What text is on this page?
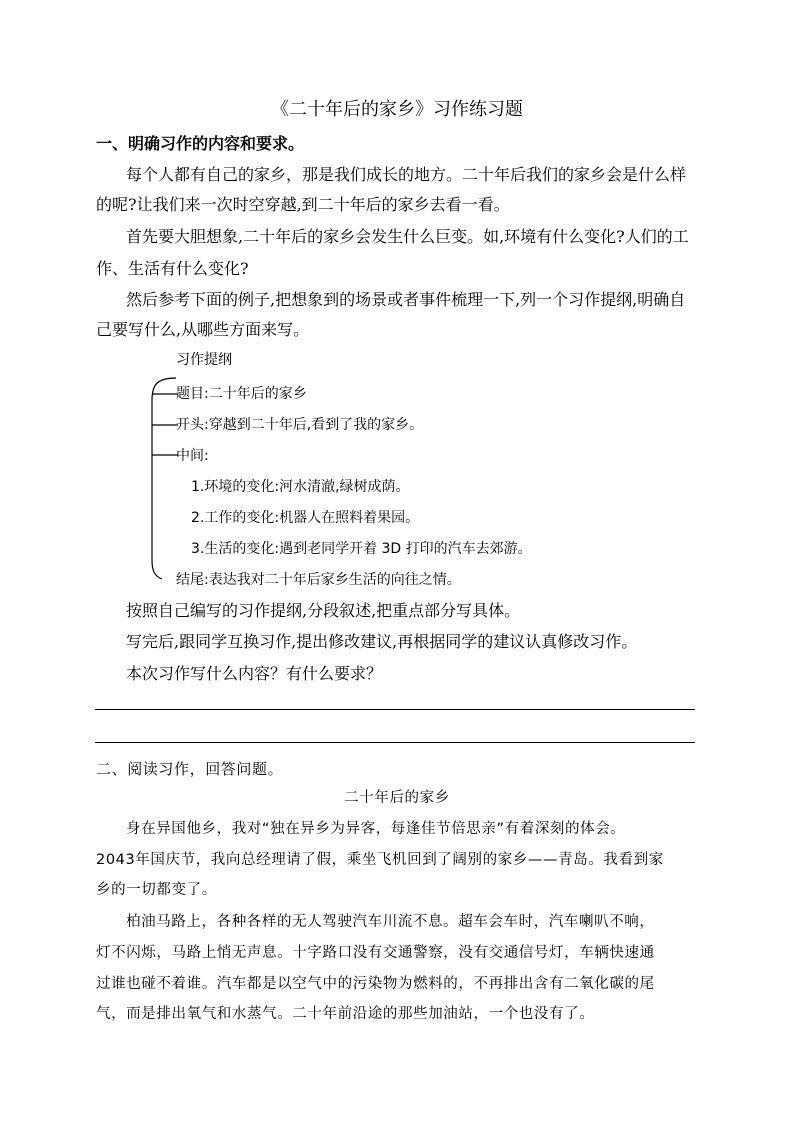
《二十年后的家乡》习作练习题
一、明确习作的内容和要求。
每个人都有自己的家乡，那是我们成长的地方。二十年后我们的家乡会是什么样
的呢?让我们来一次时空穿越,到二十年后的家乡去看一看。
首先要大胆想象,二十年后的家乡会发生什么巨变。如,环境有什么变化?人们的工
作、生活有什么变化?
然后参考下面的例子,把想象到的场景或者事件梳理一下,列一个习作提纲,明确自
己要写什么,从哪些方面来写。
习作提纲
题目:二十年后的家乡
开头:穿越到二十年后,看到了我的家乡。
中间:
1.环境的变化:河水清澈,绿树成荫。
2.工作的变化:机器人在照料着果园。
3.生活的变化:遇到老同学开着 3D 打印的汽车去郊游。
结尾:表达我对二十年后家乡生活的向往之情。
按照自己编写的习作提纲,分段叙述,把重点部分写具体。
写完后,跟同学互换习作,提出修改建议,再根据同学的建议认真修改习作。
本次习作写什么内容？有什么要求？
二、阅读习作，回答问题。
二十年后的家乡
身在异国他乡，我对“独在异乡为异客，每逢佳节倍思亲”有着深刻的体会。
2043年国庆节，我向总经理请了假，乘坐飞机回到了阔别的家乡——青岛。我看到家
乡的一切都变了。
柏油马路上，各种各样的无人驾驶汽车川流不息。超车会车时，汽车喇叭不响，
灯不闪烁，马路上悄无声息。十字路口没有交通警察，没有交通信号灯，车辆快速通
过谁也碰不着谁。汽车都是以空气中的污染物为燃料的，不再排出含有二氧化碳的尾
气，而是排出氧气和水蒸气。二十年前沿途的那些加油站，一个也没有了。
